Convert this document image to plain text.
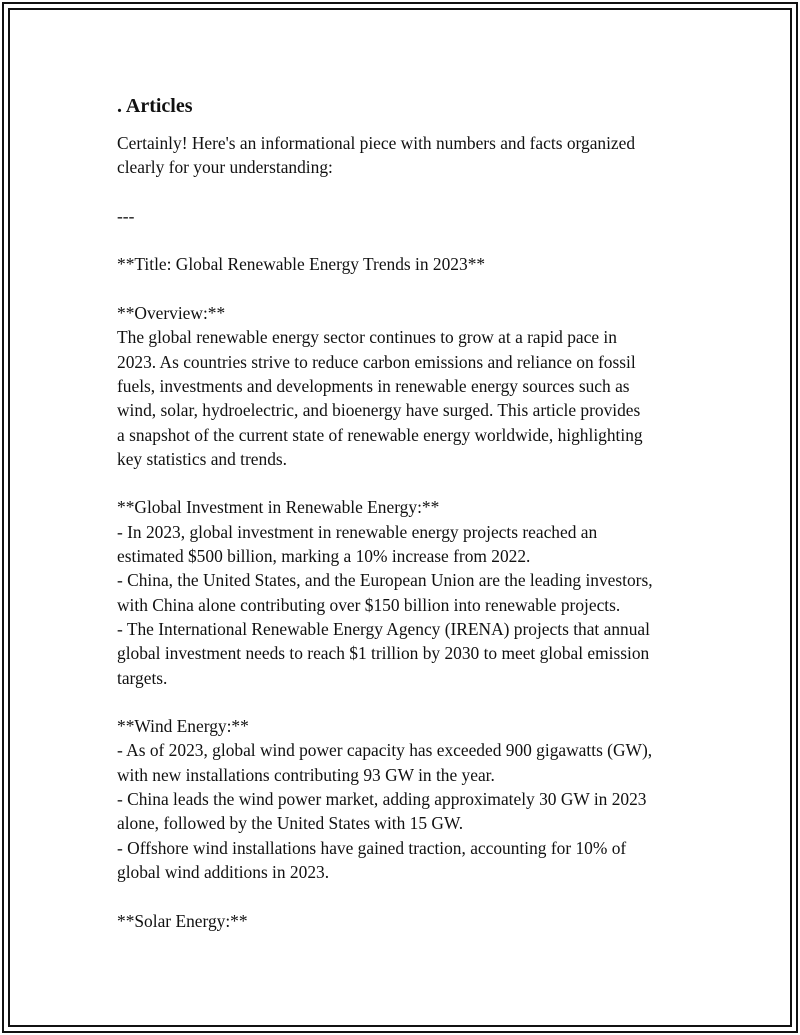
. Articles
Certainly! Here's an informational piece with numbers and facts organized
clearly for your understanding:
---
**Title: Global Renewable Energy Trends in 2023**
**Overview:**
The global renewable energy sector continues to grow at a rapid pace in
2023. As countries strive to reduce carbon emissions and reliance on fossil
fuels, investments and developments in renewable energy sources such as
wind, solar, hydroelectric, and bioenergy have surged. This article provides
a snapshot of the current state of renewable energy worldwide, highlighting
key statistics and trends.
**Global Investment in Renewable Energy:**
- In 2023, global investment in renewable energy projects reached an
estimated $500 billion, marking a 10% increase from 2022.
- China, the United States, and the European Union are the leading investors,
with China alone contributing over $150 billion into renewable projects.
- The International Renewable Energy Agency (IRENA) projects that annual
global investment needs to reach $1 trillion by 2030 to meet global emission
targets.
**Wind Energy:**
- As of 2023, global wind power capacity has exceeded 900 gigawatts (GW),
with new installations contributing 93 GW in the year.
- China leads the wind power market, adding approximately 30 GW in 2023
alone, followed by the United States with 15 GW.
- Offshore wind installations have gained traction, accounting for 10% of
global wind additions in 2023.
**Solar Energy:**
